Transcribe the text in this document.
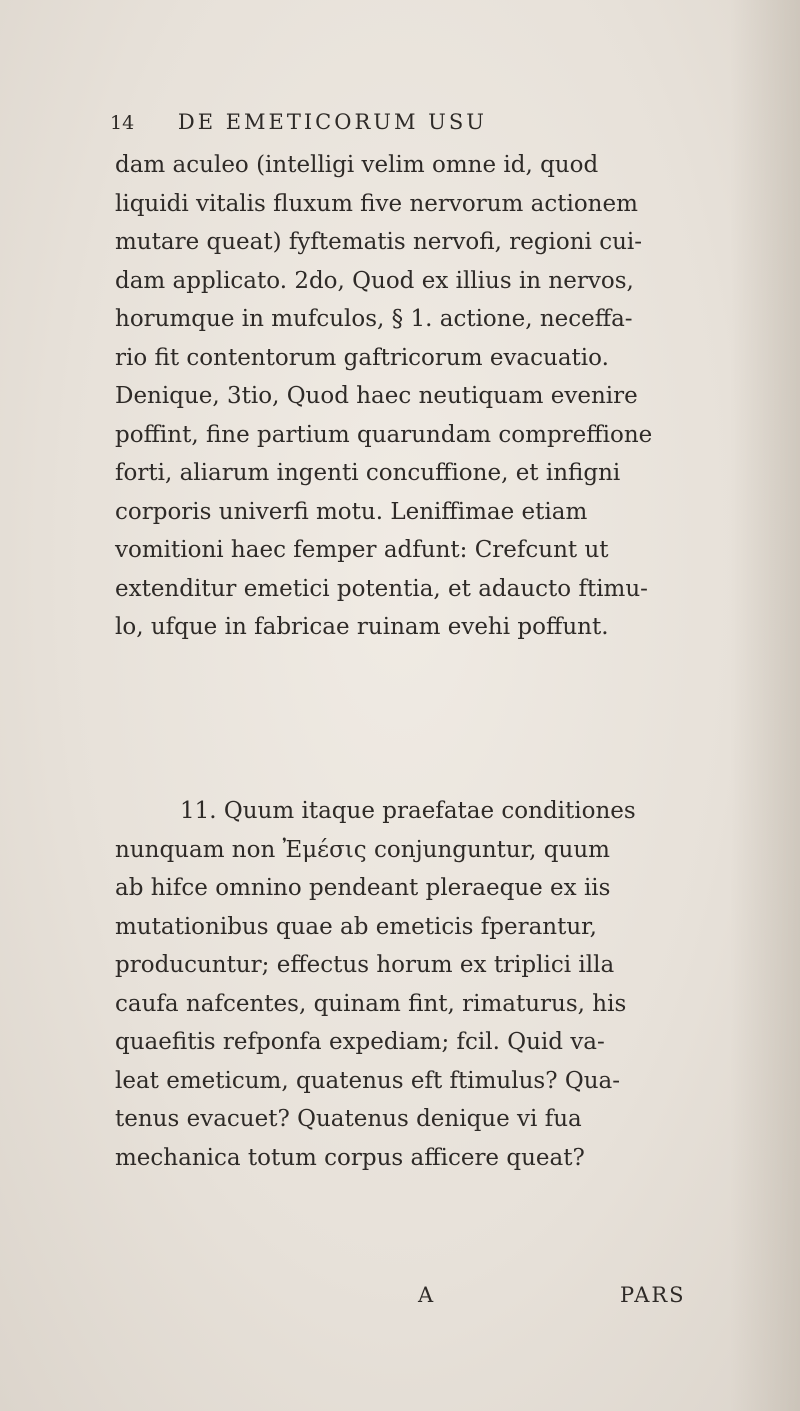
14 DE EMETICORUM USU
dam aculeo (intelligi velim omne id, quod
liquidi vitalis fluxum five nervorum actionem
mutare queat) fyftematis nervofi, regioni cui-
dam applicato. 2do, Quod ex illius in nervos,
horumque in mufculos, § 1. actione, neceffa-
rio fit contentorum gaftricorum evacuatio.
Denique, 3tio, Quod haec neutiquam evenire
poffint, fine partium quarundam compreffione
forti, aliarum ingenti concuffione, et infigni
corporis univerfi motu. Leniffimae etiam
vomitioni haec femper adfunt: Crefcunt ut
extenditur emetici potentia, et adaucto ftimu-
lo, ufque in fabricae ruinam evehi poffunt.
11. Quum itaque praefatae conditiones
nunquam non Ἐμέσις conjunguntur, quum
ab hifce omnino pendeant pleraeque ex iis
mutationibus quae ab emeticis fperantur,
producuntur; effectus horum ex triplici illa
caufa nafcentes, quinam fint, rimaturus, his
quaefitis refponfa expediam; fcil. Quid va-
leat emeticum, quatenus eft ftimulus? Qua-
tenus evacuet? Quatenus denique vi fua
mechanica totum corpus afficere queat?
A	PARS
